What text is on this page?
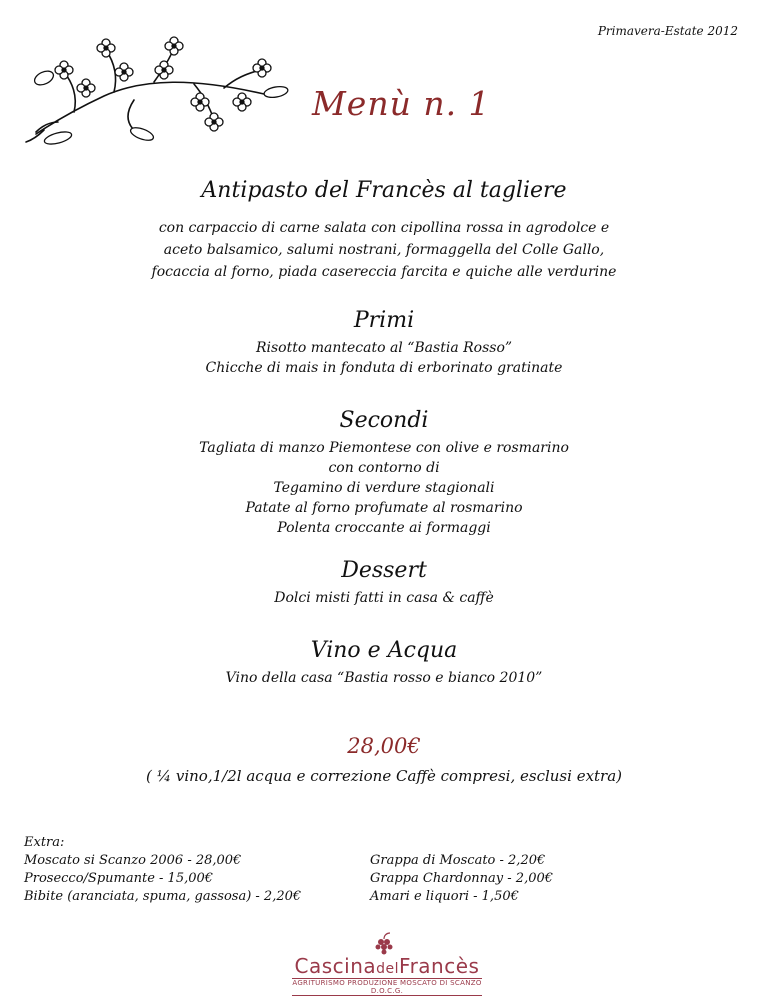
Primavera-Estate 2012
Menù n. 1
Antipasto del Francès al tagliere
con carpaccio di carne salata con cipollina rossa in agrodolce e
aceto balsamico, salumi nostrani, formaggella del Colle Gallo,
focaccia al forno, piada casereccia farcita e quiche alle verdurine
Primi
Risotto mantecato al “Bastia Rosso”
Chicche di mais in fonduta di erborinato gratinate
Secondi
Tagliata di manzo Piemontese con olive e rosmarino
con contorno di
Tegamino di verdure stagionali
Patate al forno profumate al rosmarino
Polenta croccante ai formaggi
Dessert
Dolci misti fatti in casa & caffè
Vino e Acqua
Vino della casa “Bastia rosso e bianco 2010”
28,00€
( ¼ vino,1/2l acqua e correzione Caffè compresi, esclusi extra)
Extra:
Moscato si Scanzo 2006 - 28,00€
Prosecco/Spumante - 15,00€
Bibite (aranciata, spuma, gassosa) - 2,20€
Grappa di Moscato - 2,20€
Grappa Chardonnay - 2,00€
Amari e liquori - 1,50€
CascinadelFrancès
AGRITURISMO PRODUZIONE MOSCATO DI SCANZO D.O.C.G.
